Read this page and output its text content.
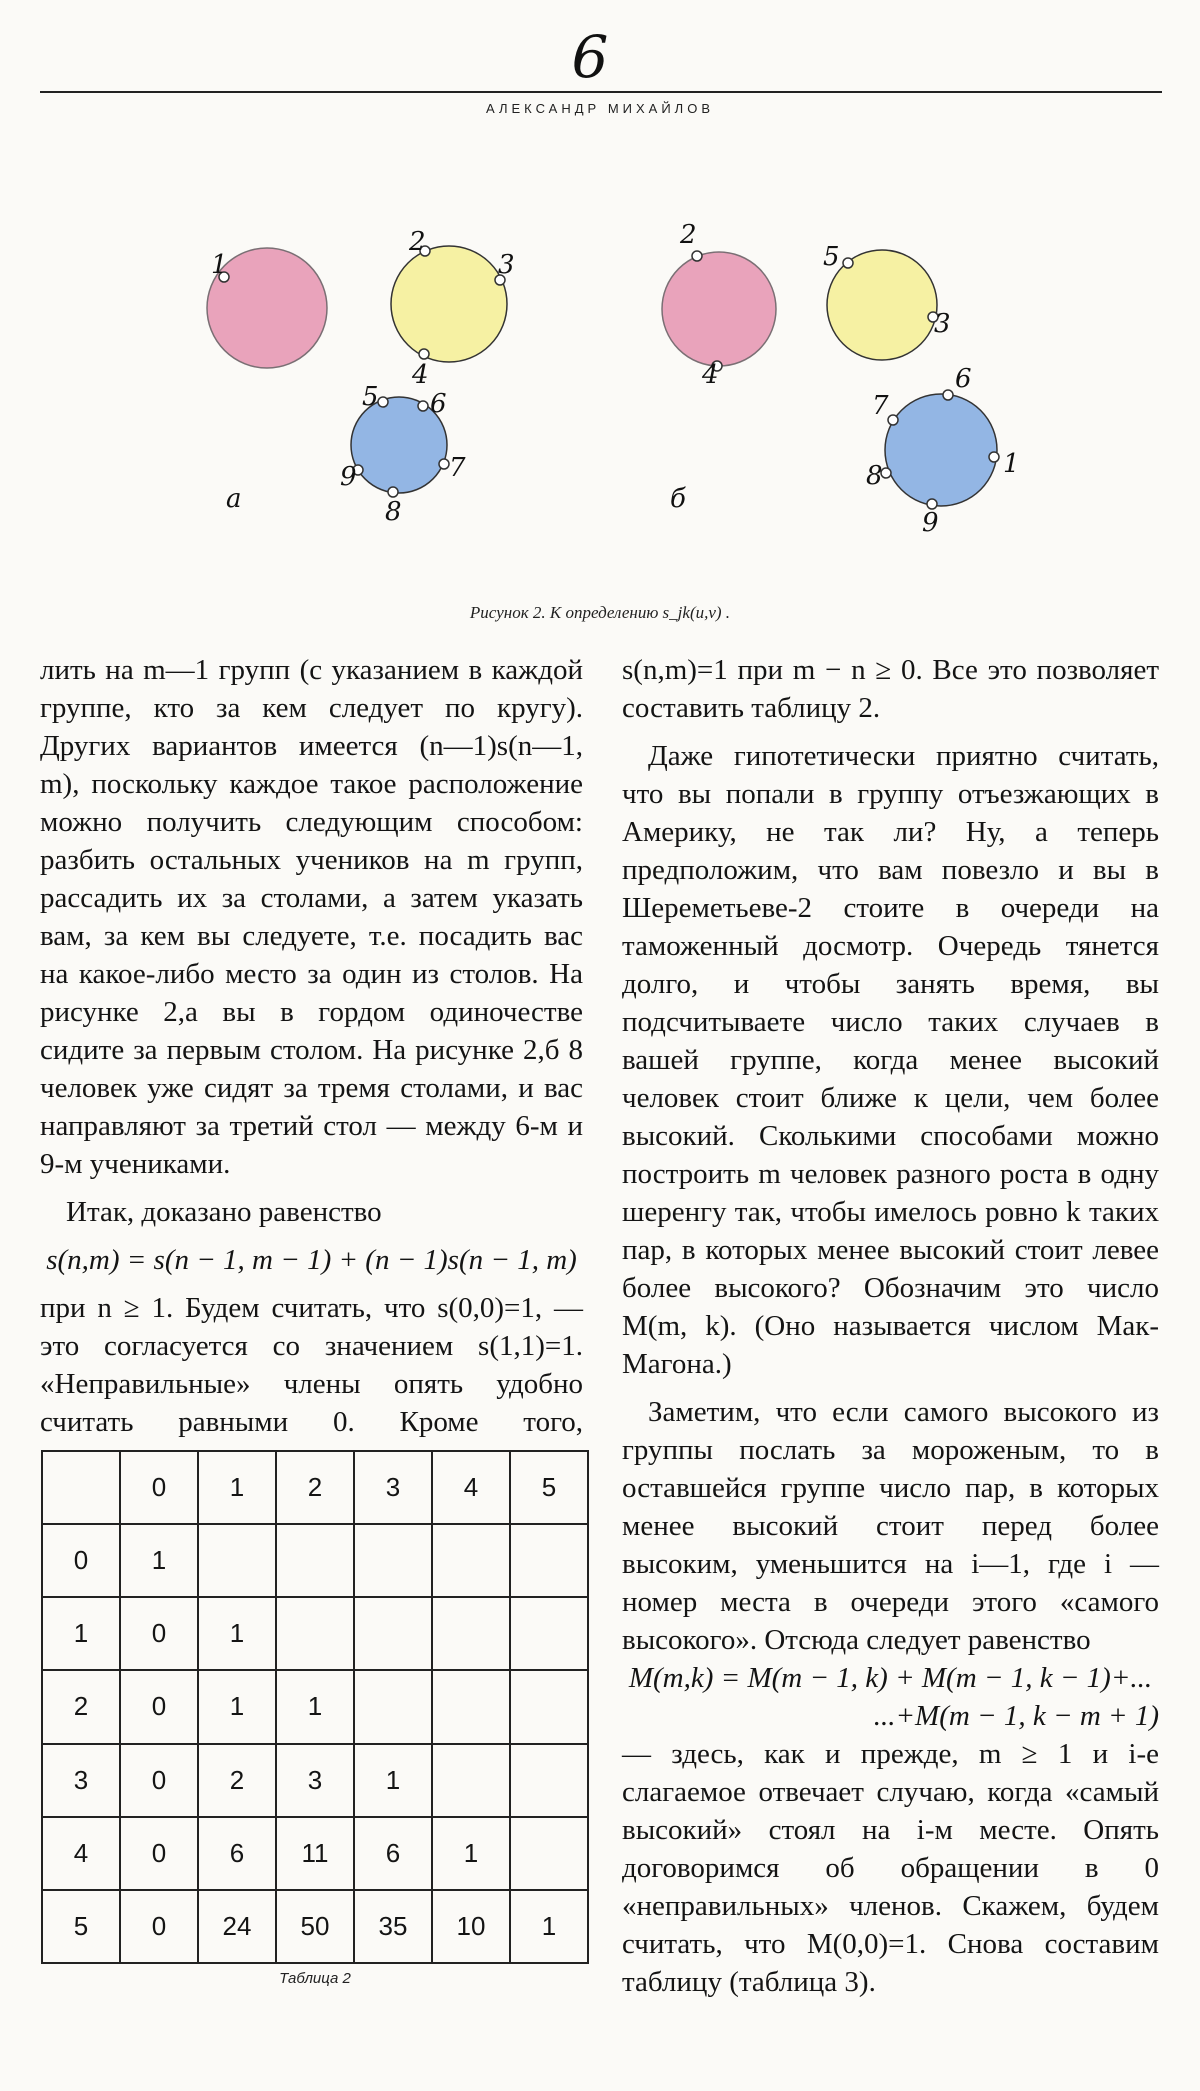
6
АЛЕКСАНДР МИХАЙЛОВ
1
2
3
4
5 6
7
8
9
а
2
4
5
3
6
7
8	1
9
б
Рисунок 2. К определению s_jk(u,v) .

лить на m—1 групп (с указанием в каждой группе, кто за кем следует по кругу). Других вариантов имеется (n—1)s(n—1, m), поскольку каждое такое расположение можно получить следующим способом: разбить остальных учеников на m групп, рассадить их за столами, а затем указать вам, за кем вы следуете, т.е. посадить вас на какое-либо место за один из столов. На рисунке 2,а вы в гордом одиночестве сидите за первым столом. На рисунке 2,б 8 человек уже сидят за тремя столами, и вас направляют за третий стол — между 6-м и 9-м учениками.

Итак, доказано равенство

s(n,m) = s(n − 1, m − 1) + (n − 1)s(n − 1, m)

при n ≥ 1. Будем считать, что s(0,0)=1, — это согласуется со значением s(1,1)=1. «Неправильные» члены опять удобно считать равными 0. Кроме того,

s(n,m)=1 при m − n ≥ 0. Все это позволяет составить таблицу 2.

Даже гипотетически приятно считать, что вы попали в группу отъезжающих в Америку, не так ли? Ну, а теперь предположим, что вам повезло и вы в Шереметьеве-2 стоите в очереди на таможенный досмотр. Очередь тянется долго, и чтобы занять время, вы подсчитываете число таких случаев в вашей группе, когда менее высокий человек стоит ближе к цели, чем более высокий. Сколькими способами можно построить m человек разного роста в одну шеренгу так, чтобы имелось ровно k таких пар, в которых менее высокий стоит левее более высокого? Обозначим это число M(m, k). (Оно называется числом Мак- Магона.)

Заметим, что если самого высокого из группы послать за мороженым, то в оставшейся группе число пар, в которых менее высокий стоит перед более высоким, уменьшится на i—1, где i — номер места в очереди этого «самого высокого». Отсюда следует равенство

M(m,k) = M(m − 1, k) + M(m − 1, k − 1)+...

...+M(m − 1, k − m + 1)

— здесь, как и прежде, m ≥ 1 и i-е слагаемое отвечает случаю, когда «самый высокий» стоял на i-м месте. Опять договоримся об обращении в 0 «неправильных» членов. Скажем, будем считать, что M(0,0)=1. Снова составим таблицу (таблица 3).

	0	1	2	3	4	5
0	1					
1	0	1				
2	0	1	1			
3	0	2	3	1		
4	0	6	11	6	1	
5	0	24	50	35	10	1
Таблица 2
